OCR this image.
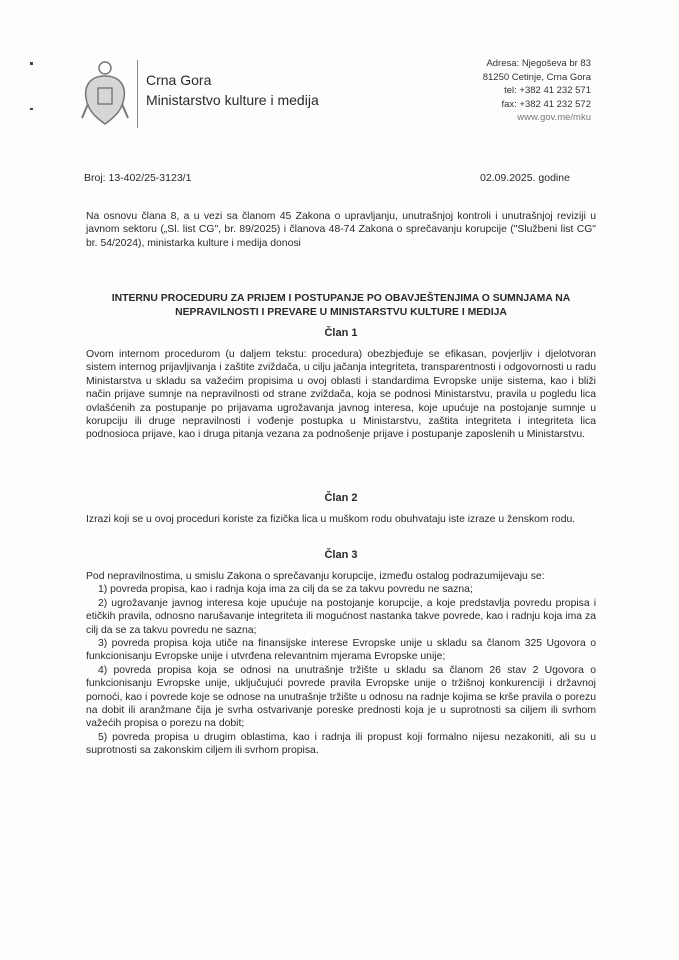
Crna Gora
Ministarstvo kulture i medija
Adresa: Njegoševa br 83
81250 Cetinje, Crna Gora
tel: +382 41 232 571
fax: +382 41 232 572
www.gov.me/mku
Broj: 13-402/25-3123/1	02.09.2025. godine
Na osnovu člana 8, a u vezi sa članom 45 Zakona o upravljanju, unutrašnjoj kontroli i unutrašnjoj reviziji u javnom sektoru („Sl. list CG", br. 89/2025) i članova 48-74 Zakona o sprečavanju korupcije ("Službeni list CG" br. 54/2024), ministarka kulture i medija donosi
INTERNU PROCEDURU ZA PRIJEM I POSTUPANJE PO OBAVJEŠTENJIMA O SUMNJAMA NA NEPRAVILNOSTI I PREVARE U MINISTARSTVU KULTURE I MEDIJA
Član 1
Ovom internom procedurom (u daljem tekstu: procedura) obezbjeđuje se efikasan, povjerljiv i djelotvoran sistem internog prijavljivanja i zaštite zviždača, u cilju jačanja integriteta, transparentnosti i odgovornosti u radu Ministarstva u skladu sa važećim propisima u ovoj oblasti i standardima Evropske unije sistema, kao i bliži način prijave sumnje na nepravilnosti od strane zviždača, koja se podnosi Ministarstvu, pravila u pogledu lica ovlašćenih za postupanje po prijavama ugrožavanja javnog interesa, koje upućuje na postojanje sumnje u korupciju ili druge nepravilnosti i vođenje postupka u Ministarstvu, zaštita integriteta i integriteta lica podnosioca prijave, kao i druga pitanja vezana za podnošenje prijave i postupanje zaposlenih u Ministarstvu.
Član 2
Izrazi koji se u ovoj proceduri koriste za fizička lica u muškom rodu obuhvataju iste izraze u ženskom rodu.
Član 3
Pod nepravilnostima, u smislu Zakona o sprečavanju korupcije, između ostalog podrazumijevaju se:
1) povreda propisa, kao i radnja koja ima za cilj da se za takvu povredu ne sazna;
2) ugrožavanje javnog interesa koje upućuje na postojanje korupcije, a koje predstavlja povredu propisa i etičkih pravila, odnosno narušavanje integriteta ili mogućnost nastanka takve povrede, kao i radnju koja ima za cilj da se za takvu povredu ne sazna;
3) povreda propisa koja utiče na finansijske interese Evropske unije u skladu sa članom 325 Ugovora o funkcionisanju Evropske unije i utvrđena relevantnim mjerama Evropske unije;
4) povreda propisa koja se odnosi na unutrašnje tržište u skladu sa članom 26 stav 2 Ugovora o funkcionisanju Evropske unije, uključujući povrede pravila Evropske unije o tržišnoj konkurenciji i državnoj pomoći, kao i povrede koje se odnose na unutrašnje tržište u odnosu na radnje kojima se krše pravila o porezu na dobit ili aranžmane čija je svrha ostvarivanje poreske prednosti koja je u suprotnosti sa ciljem ili svrhom važećih propisa o porezu na dobit;
5) povreda propisa u drugim oblastima, kao i radnja ili propust koji formalno nijesu nezakoniti, ali su u suprotnosti sa zakonskim ciljem ili svrhom propisa.
